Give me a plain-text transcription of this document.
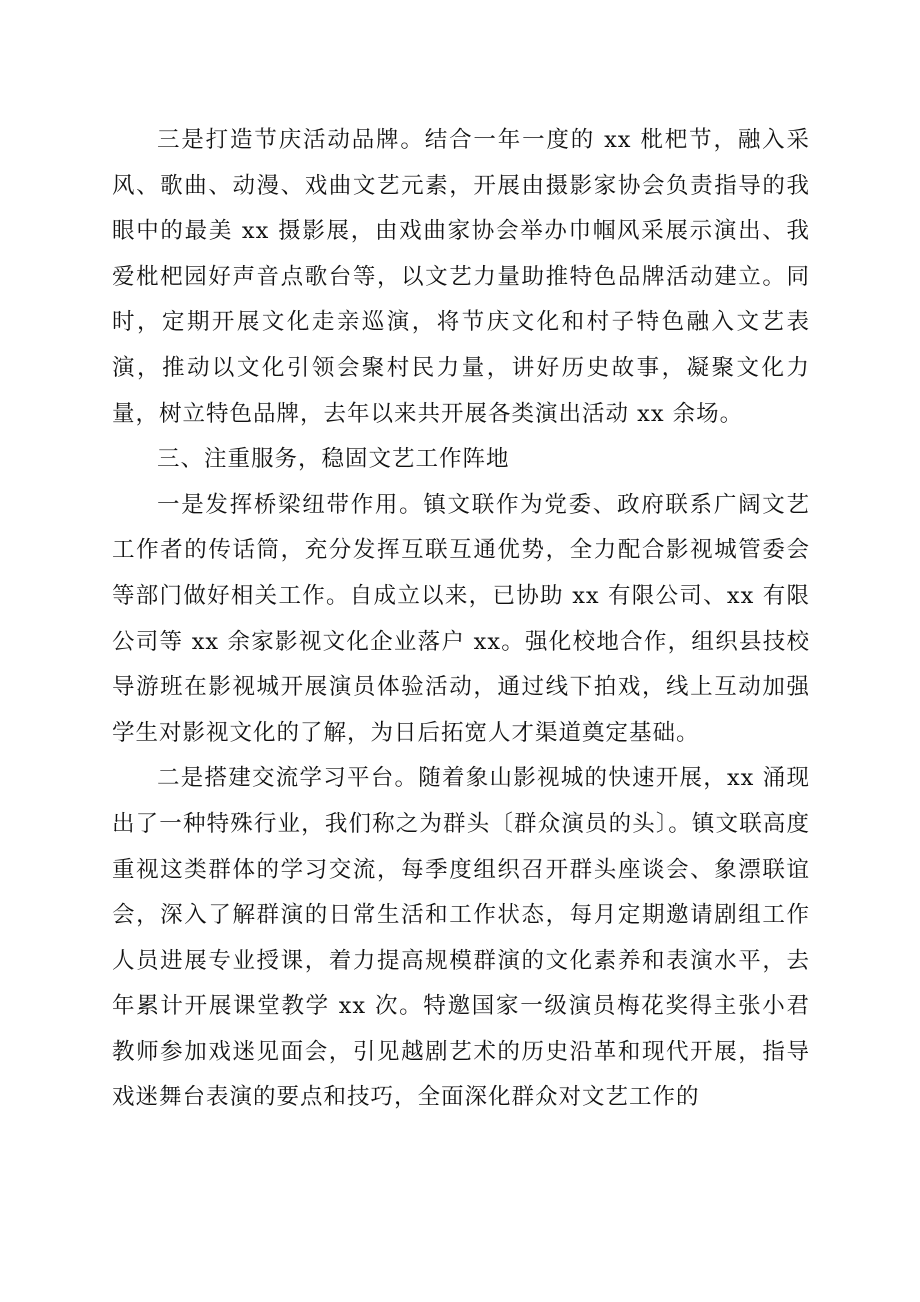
三是打造节庆活动品牌。结合一年一度的 xx 枇杷节，融入采风、歌曲、动漫、戏曲文艺元素，开展由摄影家协会负责指导的我眼中的最美 xx 摄影展，由戏曲家协会举办巾帼风采展示演出、我爱枇杷园好声音点歌台等，以文艺力量助推特色品牌活动建立。同时，定期开展文化走亲巡演，将节庆文化和村子特色融入文艺表演，推动以文化引领会聚村民力量，讲好历史故事，凝聚文化力量，树立特色品牌，去年以来共开展各类演出活动 xx 余场。

三、注重服务，稳固文艺工作阵地

一是发挥桥梁纽带作用。镇文联作为党委、政府联系广阔文艺工作者的传话筒，充分发挥互联互通优势，全力配合影视城管委会等部门做好相关工作。自成立以来，已协助 xx 有限公司、xx 有限公司等 xx 余家影视文化企业落户 xx。强化校地合作，组织县技校导游班在影视城开展演员体验活动，通过线下拍戏，线上互动加强学生对影视文化的了解，为日后拓宽人才渠道奠定基础。

二是搭建交流学习平台。随着象山影视城的快速开展，xx 涌现出了一种特殊行业，我们称之为群头〔群众演员的头〕。镇文联高度重视这类群体的学习交流，每季度组织召开群头座谈会、象漂联谊会，深入了解群演的日常生活和工作状态，每月定期邀请剧组工作人员进展专业授课，着力提高规模群演的文化素养和表演水平，去年累计开展课堂教学 xx 次。特邀国家一级演员梅花奖得主张小君教师参加戏迷见面会，引见越剧艺术的历史沿革和现代开展，指导戏迷舞台表演的要点和技巧，全面深化群众对文艺工作的
